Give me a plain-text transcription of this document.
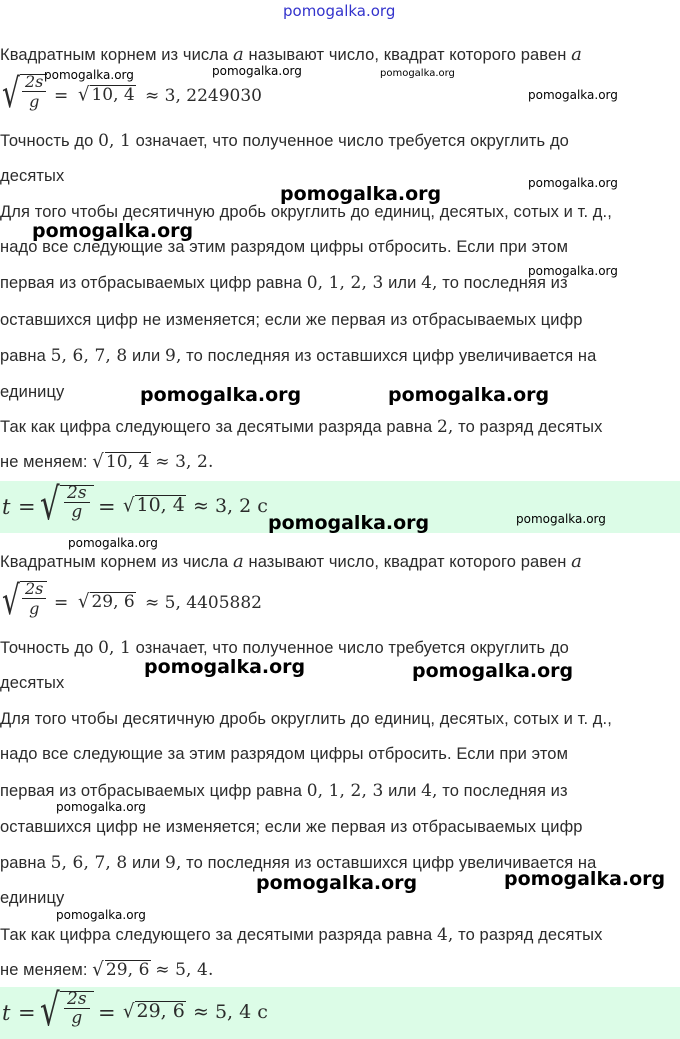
pomogalka.org
Квадратным корнем из числа a называют число, квадрат которого равен a
√ $\frac{2s}{g}$ = √ 10, 4 ≈ 3, 2249030
Точность до 0, 1 означает, что полученное число требуется округлить до
десятых
Для того чтобы десятичную дробь округлить до единиц, десятых, сотых и т. д.,
надо все следующие за этим разрядом цифры отбросить. Если при этом
первая из отбрасываемых цифр равна 0, 1, 2, 3 или 4, то последняя из
оставшихся цифр не изменяется; если же первая из отбрасываемых цифр
равна 5, 6, 7, 8 или 9, то последняя из оставшихся цифр увеличивается на
единицу
Так как цифра следующего за десятыми разряда равна 2, то разряд десятых
не меняем: √ 10, 4 ≈ 3, 2.
t = √ $\frac{2s}{g}$ = √ 10, 4 ≈ 3, 2 с
Квадратным корнем из числа a называют число, квадрат которого равен a
√ $\frac{2s}{g}$ = √ 29, 6 ≈ 5, 4405882
Точность до 0, 1 означает, что полученное число требуется округлить до
десятых
Для того чтобы десятичную дробь округлить до единиц, десятых, сотых и т. д.,
надо все следующие за этим разрядом цифры отбросить. Если при этом
первая из отбрасываемых цифр равна 0, 1, 2, 3 или 4, то последняя из
оставшихся цифр не изменяется; если же первая из отбрасываемых цифр
равна 5, 6, 7, 8 или 9, то последняя из оставшихся цифр увеличивается на
единицу
Так как цифра следующего за десятыми разряда равна 4, то разряд десятых
не меняем: √ 29, 6 ≈ 5, 4.
t = √ $\frac{2s}{g}$ = √ 29, 6 ≈ 5, 4 с
pomogalka.org	pomogalka.org	pomogalka.org
pomogalka.org
pomogalka.org	pomogalka.org
pomogalka.org
pomogalka.org
pomogalka.org	pomogalka.org
pomogalka.org	pomogalka.org
pomogalka.org
pomogalka.org	pomogalka.org
pomogalka.org
pomogalka.org	pomogalka.org
pomogalka.org
